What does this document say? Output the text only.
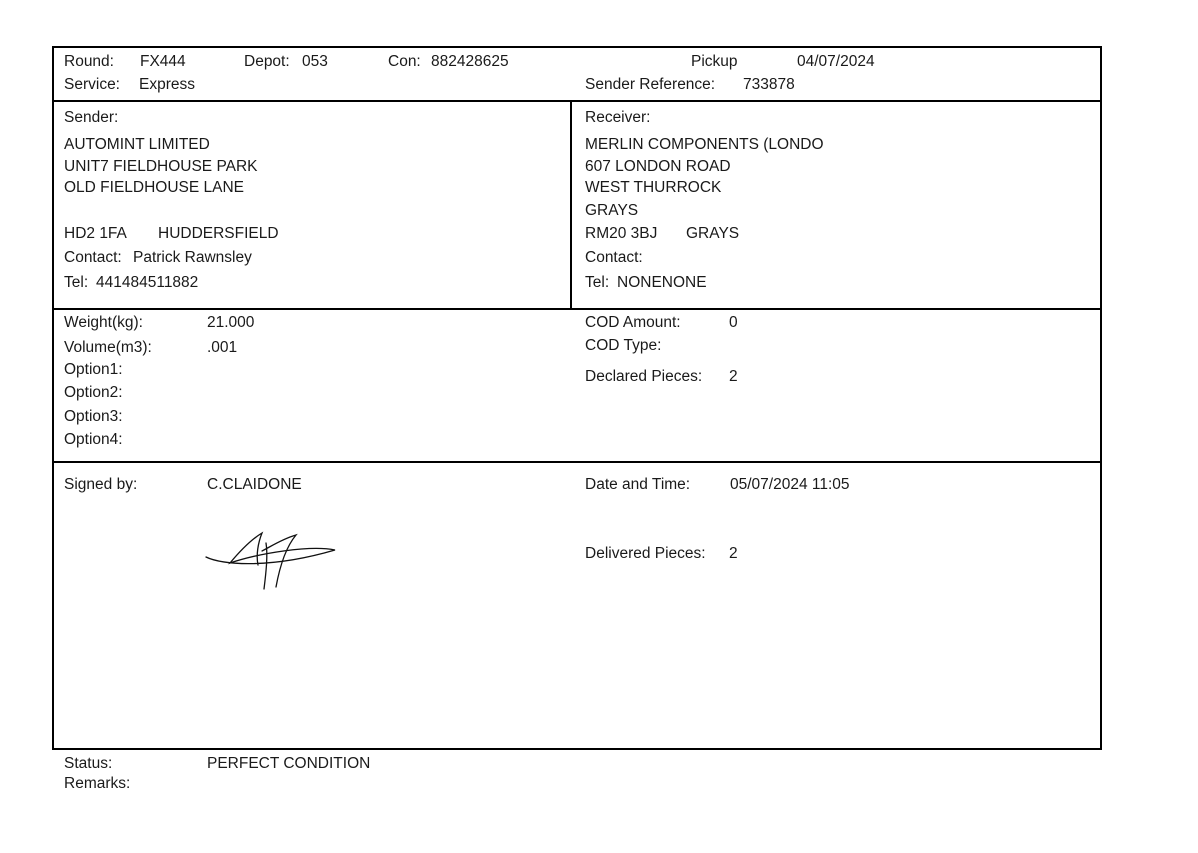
Round: FX444	Depot: 053	Con: 882428625	Pickup	04/07/2024
Service: Express	Sender Reference: 733878
Sender:
AUTOMINT LIMITED
UNIT7 FIELDHOUSE PARK
OLD FIELDHOUSE LANE
HD2 1FA HUDDERSFIELD
Contact: Patrick Rawnsley
Tel: 441484511882
Receiver:
MERLIN COMPONENTS (LONDO
607 LONDON ROAD
WEST THURROCK
GRAYS
RM20 3BJ GRAYS
Contact:
Tel: NONENONE
Weight(kg):	21.000
Volume(m3):	.001
Option1:
Option2:
Option3:
Option4:
COD Amount:	0
COD Type:
Declared Pieces: 2
Signed by:	C.CLAIDONE	Date and Time:	05/07/2024 11:05
Delivered Pieces: 2
Status:	PERFECT CONDITION
Remarks:
